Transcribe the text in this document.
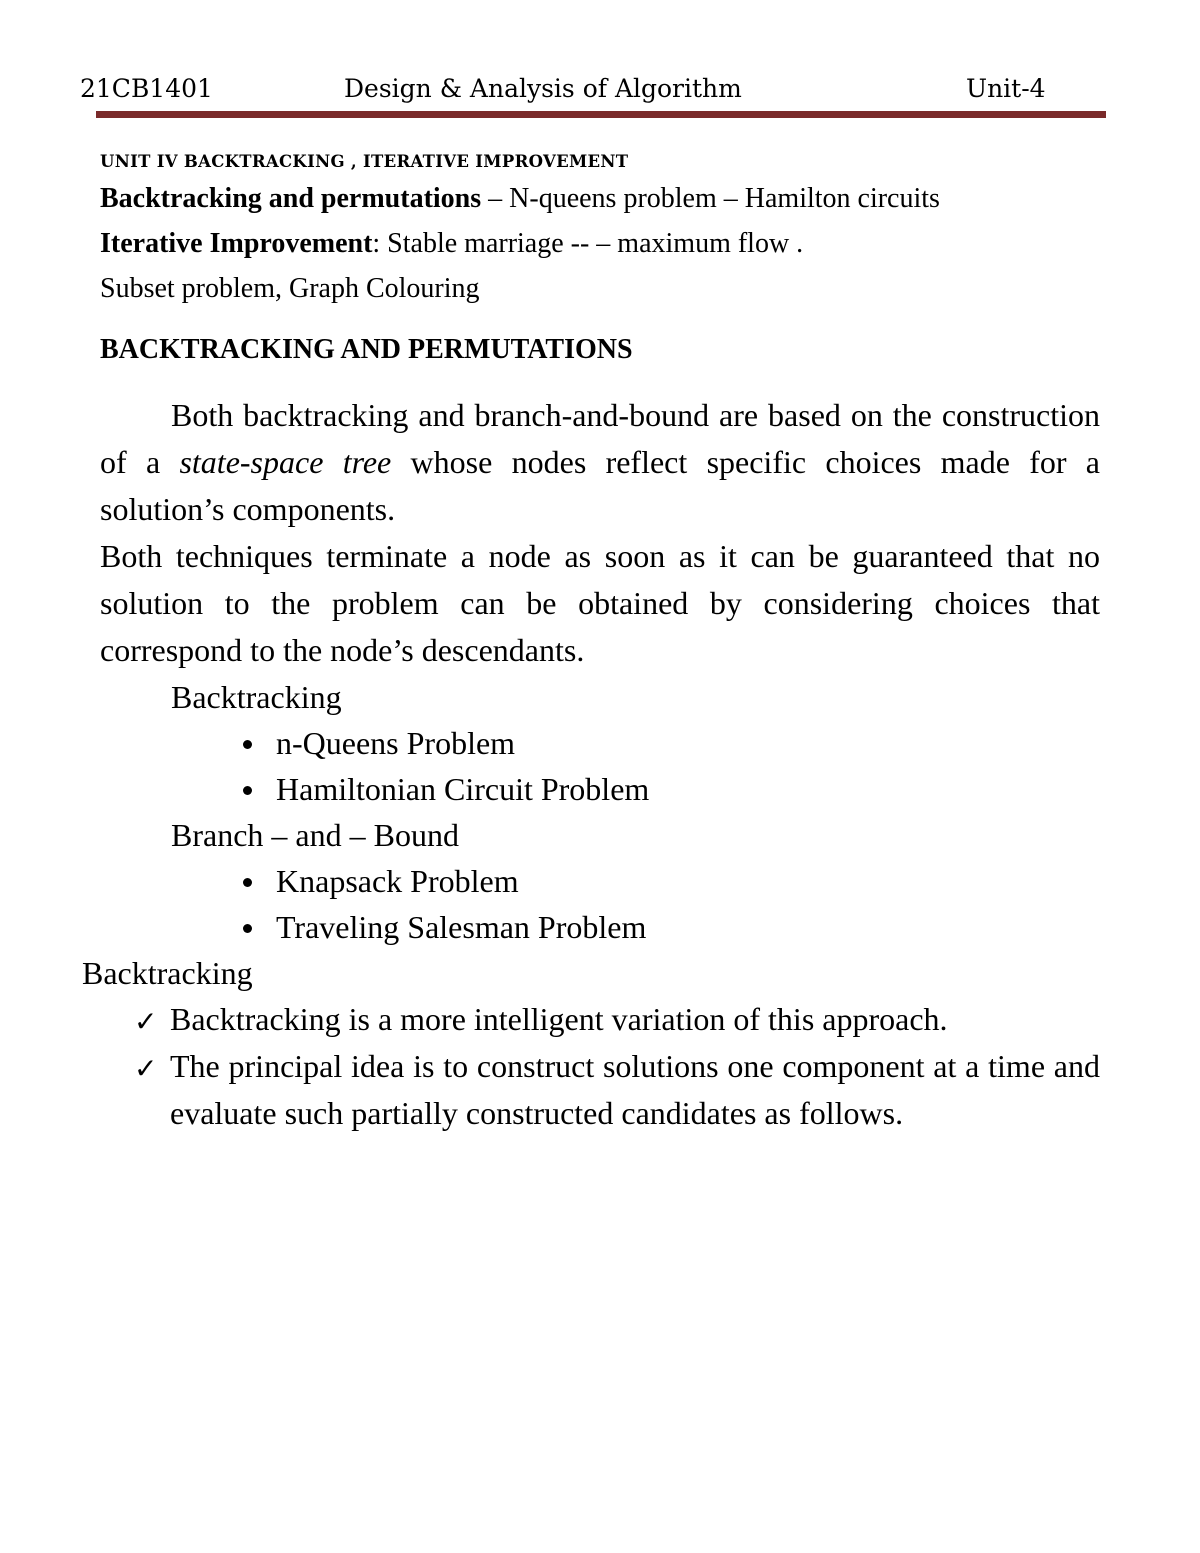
21CB1401	Design & Analysis of Algorithm	Unit-4
UNIT IV BACKTRACKING , ITERATIVE IMPROVEMENT
Backtracking and permutations – N-queens problem – Hamilton circuits
Iterative Improvement: Stable marriage -- – maximum flow .
Subset problem, Graph Colouring
BACKTRACKING AND PERMUTATIONS

Both backtracking and branch-and-bound are based on the construction of a state-space tree whose nodes reflect specific choices made for a solution’s components.

Both techniques terminate a node as soon as it can be guaranteed that no solution to the problem can be obtained by considering choices that correspond to the node’s descendants.

Backtracking

n-Queens Problem
Hamiltonian Circuit Problem

Branch – and – Bound

Knapsack Problem
Traveling Salesman Problem

Backtracking

✓ Backtracking is a more intelligent variation of this approach.
✓ The principal idea is to construct solutions one component at a time and evaluate such partially constructed candidates as follows.
